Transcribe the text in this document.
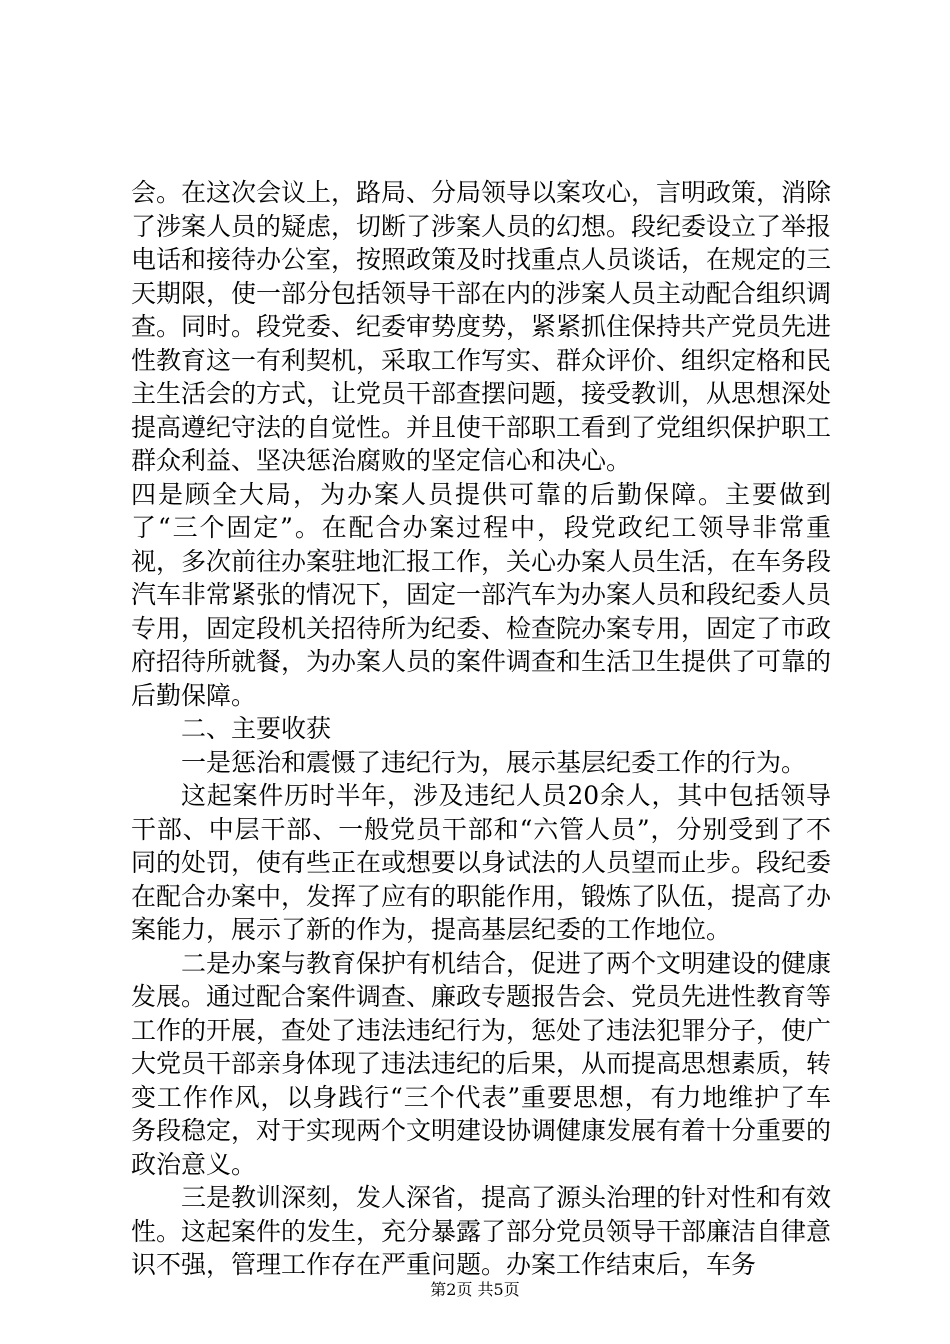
会。在这次会议上，路局、分局领导以案攻心，言明政策，消除了涉案人员的疑虑，切断了涉案人员的幻想。段纪委设立了举报电话和接待办公室，按照政策及时找重点人员谈话，在规定的三天期限，使一部分包括领导干部在内的涉案人员主动配合组织调查。同时。段党委、纪委审势度势，紧紧抓住保持共产党员先进性教育这一有利契机，采取工作写实、群众评价、组织定格和民主生活会的方式，让党员干部查摆问题，接受教训，从思想深处提高遵纪守法的自觉性。并且使干部职工看到了党组织保护职工群众利益、坚决惩治腐败的坚定信心和决心。

四是顾全大局，为办案人员提供可靠的后勤保障。主要做到了“三个固定”。在配合办案过程中，段党政纪工领导非常重视，多次前往办案驻地汇报工作，关心办案人员生活，在车务段汽车非常紧张的情况下，固定一部汽车为办案人员和段纪委人员专用，固定段机关招待所为纪委、检查院办案专用，固定了市政府招待所就餐，为办案人员的案件调查和生活卫生提供了可靠的后勤保障。

二、主要收获

一是惩治和震慑了违纪行为，展示基层纪委工作的行为。

这起案件历时半年，涉及违纪人员20余人，其中包括领导干部、中层干部、一般党员干部和“六管人员”，分别受到了不同的处罚，使有些正在或想要以身试法的人员望而止步。段纪委在配合办案中，发挥了应有的职能作用，锻炼了队伍，提高了办案能力，展示了新的作为，提高基层纪委的工作地位。

二是办案与教育保护有机结合，促进了两个文明建设的健康发展。通过配合案件调查、廉政专题报告会、党员先进性教育等工作的开展，查处了违法违纪行为，惩处了违法犯罪分子，使广大党员干部亲身体现了违法违纪的后果，从而提高思想素质，转变工作作风，以身践行“三个代表”重要思想，有力地维护了车务段稳定，对于实现两个文明建设协调健康发展有着十分重要的政治意义。

三是教训深刻，发人深省，提高了源头治理的针对性和有效性。这起案件的发生，充分暴露了部分党员领导干部廉洁自律意识不强，管理工作存在严重问题。办案工作结束后，车务

第2页 共5页
